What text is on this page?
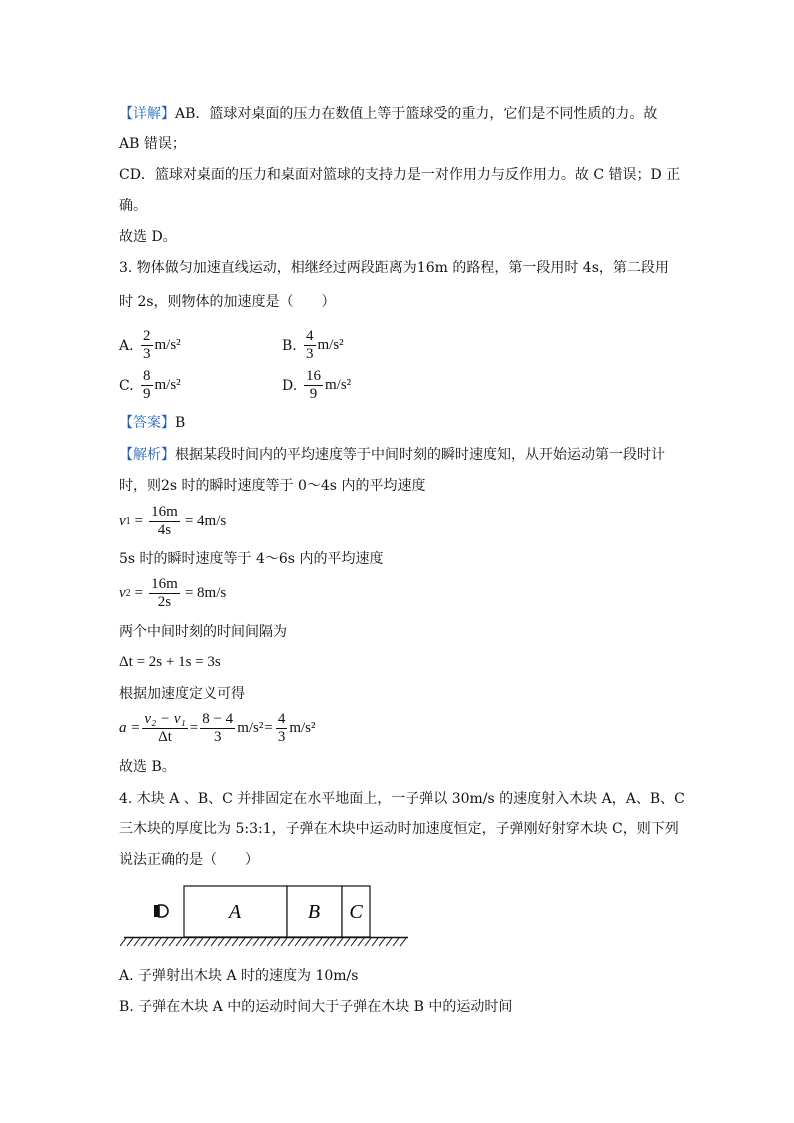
【详解】AB．篮球对桌面的压力在数值上等于篮球受的重力，它们是不同性质的力。故
AB 错误；
CD．篮球对桌面的压力和桌面对篮球的支持力是一对作用力与反作用力。故 C 错误；D 正
确。
故选 D。
3. 物体做匀加速直线运动，相继经过两段距离为16m 的路程，第一段用时 4s，第二段用
时 2s，则物体的加速度是（　　）
A. $\frac{2}{3} m/s^2$	B. $\frac{4}{3} m/s^2$
C. $\frac{8}{9} m/s^2$	D. $\frac{16}{9} m/s^2$
【答案】B
【解析】根据某段时间内的平均速度等于中间时刻的瞬时速度知，从开始运动第一段时计
时，则2s 时的瞬时速度等于 0～4s 内的平均速度
v $1 = \frac{16m}{4s} = 4m/s$
5s 时的瞬时速度等于 4～6s 内的平均速度
v $2 = \frac{16m}{2s} = 8m/s$
两个中间时刻的时间间隔为
Δt = 2s + 1s = 3s
根据加速度定义可得
$a = \frac{\text{v₂ − v₁}}{\Delta t} = \frac{8 - 4}{3} m/s^2 = \frac{4}{3} m/s^2$
故选 B。
4. 木块 A 、B、C 并排固定在水平地面上，一子弹以 30m/s 的速度射入木块 A，A、B、C
三木块的厚度比为 5:3:1，子弹在木块中运动时加速度恒定，子弹刚好射穿木块 C，则下列
说法正确的是（　　）
A	B C
A. 子弹射出木块 A 时的速度为 10m/s
B. 子弹在木块 A 中的运动时间大于子弹在木块 B 中的运动时间
